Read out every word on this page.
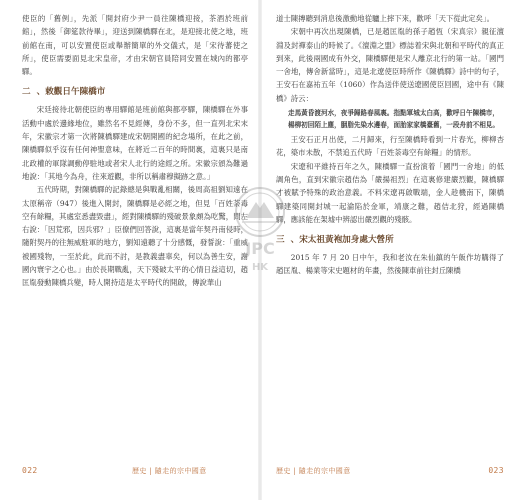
使臣的「舊例」，先派「開封府少尹一員往陳橋迎接，茶酒於班前館」，然後「御筵款待畢」，迎送到陳橋驛在北，是迎接北使之地，班前館在南，可以安置使臣或舉辦簡單的外交儀式，是「宋待蕃使之所」，使臣需要面見北宋皇帝，才由宋朝官員陪同安置在城內的都亭驛。

二 、敕觀日午陳橋市

宋廷接待北朝使臣的專用驛館是班前館與都亭驛，陳橋驛在外事活動中處於邊緣地位，雖然名不見經傳，身份不多，但一直列北宋末年，宋徽宗才第一次將陳橋驛建成宋朝開國的紀念場所，在此之前，陳橋驛似乎沒有任何神聖意味，在將近二百年的時間裏，這裏只是南北政權的軍隊調動停駐地或者宋人北行的途經之所。宋徽宗頒為難過地說：「其地今為舟，往來遊觀，非所以稱肅穆擬跡之意。」

五代時期，對陳橋驛的記錄總是與戰亂相關，後周高祖劉知遠在太原稱帝（947）後進入開封，陳橋驛是必經之地，但見「百姓荼毒空有餘糧，其處室悉盡毀盡」，經對陳橋驛的殘破景象頗為吃驚，問左右說：「因荒邪，因兵邪？」臣僚們回答說，這裏是當年契丹南侵時，隨附契丹的往無威駐軍的地方，劉知遠聽了十分感慨，發誓說：「重威被國殘物，一至於此，此而不討，是教義盡辜矣，何以為善生安，謝國內寰宇之心也。」由於長期戰亂，天下殘破太平的心情日益這切，趙匡胤發動陳橋兵變，時人開持這是太平時代的開啟，傳說華山

道士陳摶聽到消息後激動地從驢上摔下來，歡呼「天下從此定矣」。

宋朝中再次出現陳橋，已是趙匡胤的孫子趙恆（宋真宗）親征澶淵及封禪泰山的時候了。《澶淵之盟》標誌着宋與北朝和平時代的真正到來，此後兩國成有外交，陳橋驛便是宋人離京北行的第一站。「國門一舍地，傳舍新當時」，這是北遼使臣時所作《陳橋驛》詩中的句子，王安石在嘉祐五年（1060）作為送伴使送遼國使臣回國，途中有《陳橋》詩云：

走馬黃昏渡河水，夜爭歸路春風裏。指點軍城太白高，歡呼日午陳橋市，楊柳初回陌上塵，胭脂先染水邊春，面胎家家橋臺舊，一段舟前不相見。

王安石正月出使，二月歸來，行至陳橋時看到一片春光，柳柳杏花，築市未散，不禁追五代時「百姓荼毒空有餘糧」的情形。

宋遼和平維持百年之久，陳橋驛一直扮演着「國門一舍地」的低調角色，直到宋徽宗趙佶為「嚴揚祖烈」在這裏修建嚴烈觀，陳橋驛才被賦予特殊的政治意義。不料宋遼再啟戰端，金人趁機南下，陳橋驛建築同開封城一起淪陷於金軍，靖康之難，趙佶北狩，經過陳橋驛，應該能在架墟中辨認出嚴烈觀的殘骸。

三 、宋太祖黃袍加身處大營所

2015 年 7 月 20 日中午，我和老汝在朱仙鎮的午飯作坊購得了趙匡胤、楊業等宋史題材的年畫，然後陳車前往封丘陳橋

022	歷史 | 隨走的宗中國意	歷史 | 隨走的宗中國意	023
JPC
HK
